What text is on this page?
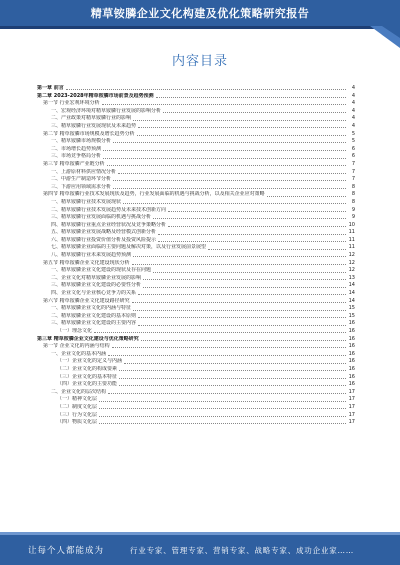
精草铵膦企业文化构建及优化策略研究报告
内容目录
第一章 前言	4
第二章 2023-2028年精草铵膦市场前景及趋势预测	4
第一节 行业宏观环境分析	4
一、宏观经济环境对精草铵膦行业发展的影响分析	4
二、产业政策对精草铵膦行业的影响	4
三、精草铵膦行业发展现状及未来趋势	4
第二节 精草铵膦市场规模及增长趋势分析	5
一、精草铵膦市场规模分析	5
二、市场增长趋势预测	6
三、市场竞争格局分析	6
第三节 精草铵膦产业链分析	7
一、上游原材料供应情况分析	7
二、中游生产制造环节分析	7
三、下游应用领域需求分析	8
第四节 精草铵膦行业技术发展现状及趋势，行业发展面临的机遇与挑战分析，以及相关企业应对策略	8
一、精草铵膦行业技术发展现状	8
二、精草铵膦行业技术发展趋势及未来技术创新方向	9
三、精草铵膦行业发展面临的机遇与挑战分析	9
四、精草铵膦行业重点企业经营状况及竞争策略分析	10
五、精草铵膦企业发展战略及经营模式创新分析	11
六、精草铵膦行业投资价值分析及投资风险提示	11
七、精草铵膦企业面临的主要问题及解决对策，以及行业发展前景展望	11
八、精草铵膦行业未来发展趋势预测	12
第五节 精草铵膦企业文化建设现状分析	12
一、精草铵膦企业文化建设的现状及存在问题	12
二、企业文化对精草铵膦企业发展的影响	13
三、精草铵膦企业文化建设的必要性分析	14
四、企业文化与企业核心竞争力的关系	14
第六节 精草铵膦企业文化建设路径研究	14
一、精草铵膦企业文化的内涵与特征	15
二、精草铵膦企业文化建设的基本原则	15
三、精草铵膦企业文化建设的主要内容	16
（一）理念文化	16
第三章 精草铵膦企业文化建设与优化策略研究	16
第一节 企业文化的内涵与结构	16
一、企业文化的基本内涵	16
（一）企业文化的定义与内涵	16
（二）企业文化的构成要素	16
（三）企业文化的基本特征	16
（四）企业文化的主要功能	16
二、企业文化的层次结构	17
（一）精神文化层	17
（二）制度文化层	17
（三）行为文化层	17
（四）物质文化层	17
让每个人都能成为	行业专家、管理专家、营销专家、战略专家、成功企业家……
